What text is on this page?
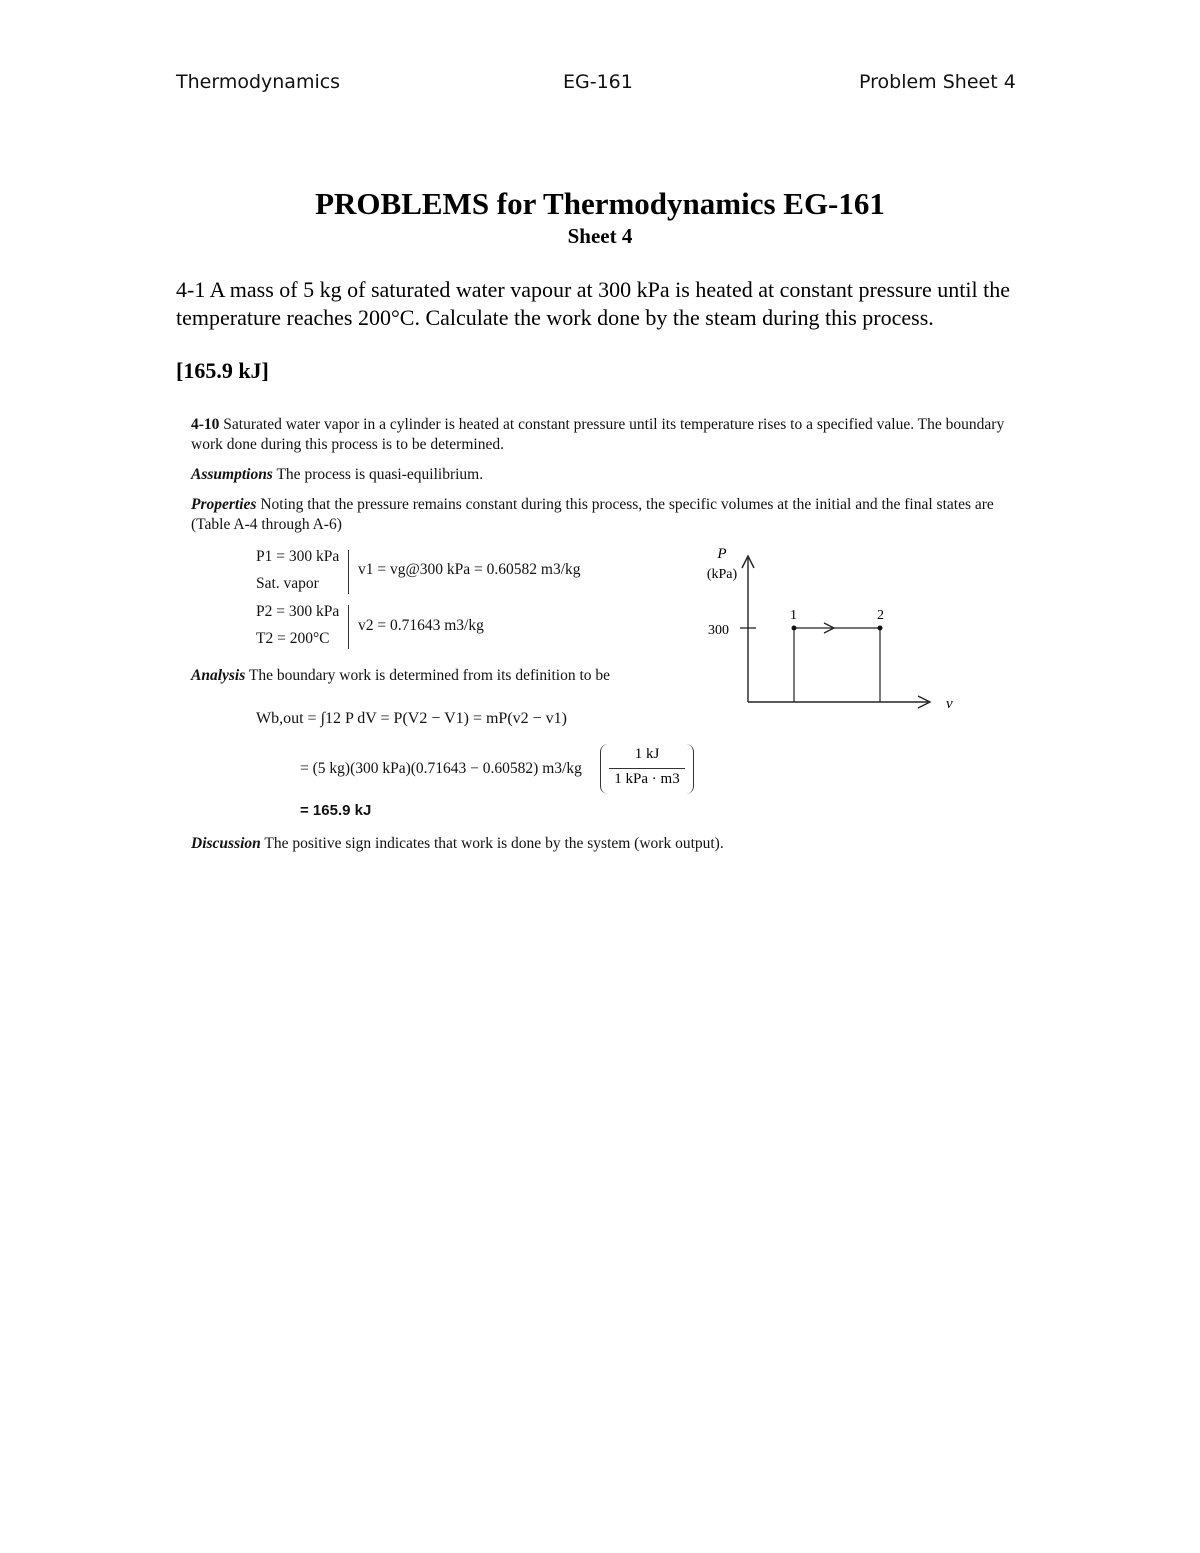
Thermodynamics	EG-161	Problem Sheet 4
PROBLEMS for Thermodynamics EG-161
Sheet 4
4-1 A mass of 5 kg of saturated water vapour at 300 kPa is heated at constant pressure until the temperature reaches 200°C. Calculate the work done by the steam during this process.
[165.9 kJ]
4-10 Saturated water vapor in a cylinder is heated at constant pressure until its temperature rises to a specified value. The boundary work done during this process is to be determined.
Assumptions The process is quasi-equilibrium.
Properties Noting that the pressure remains constant during this process, the specific volumes at the initial and the final states are (Table A-4 through A-6)
P1 = 300 kPa
Sat. vapor
v1 = vg@300 kPa = 0.60582 m3/kg
P2 = 300 kPa
T2 = 200°C
v2 = 0.71643 m3/kg
Analysis The boundary work is determined from its definition to be
Wb,out = ∫12 P dV = P(V2 − V1) = mP(v2 − v1)
= (5 kg)(300 kPa)(0.71643 − 0.60582) m3/kg
1 kJ
1 kPa · m3
= 165.9 kJ
Discussion The positive sign indicates that work is done by the system (work output).
P
(kPa)
v
300
1	2
